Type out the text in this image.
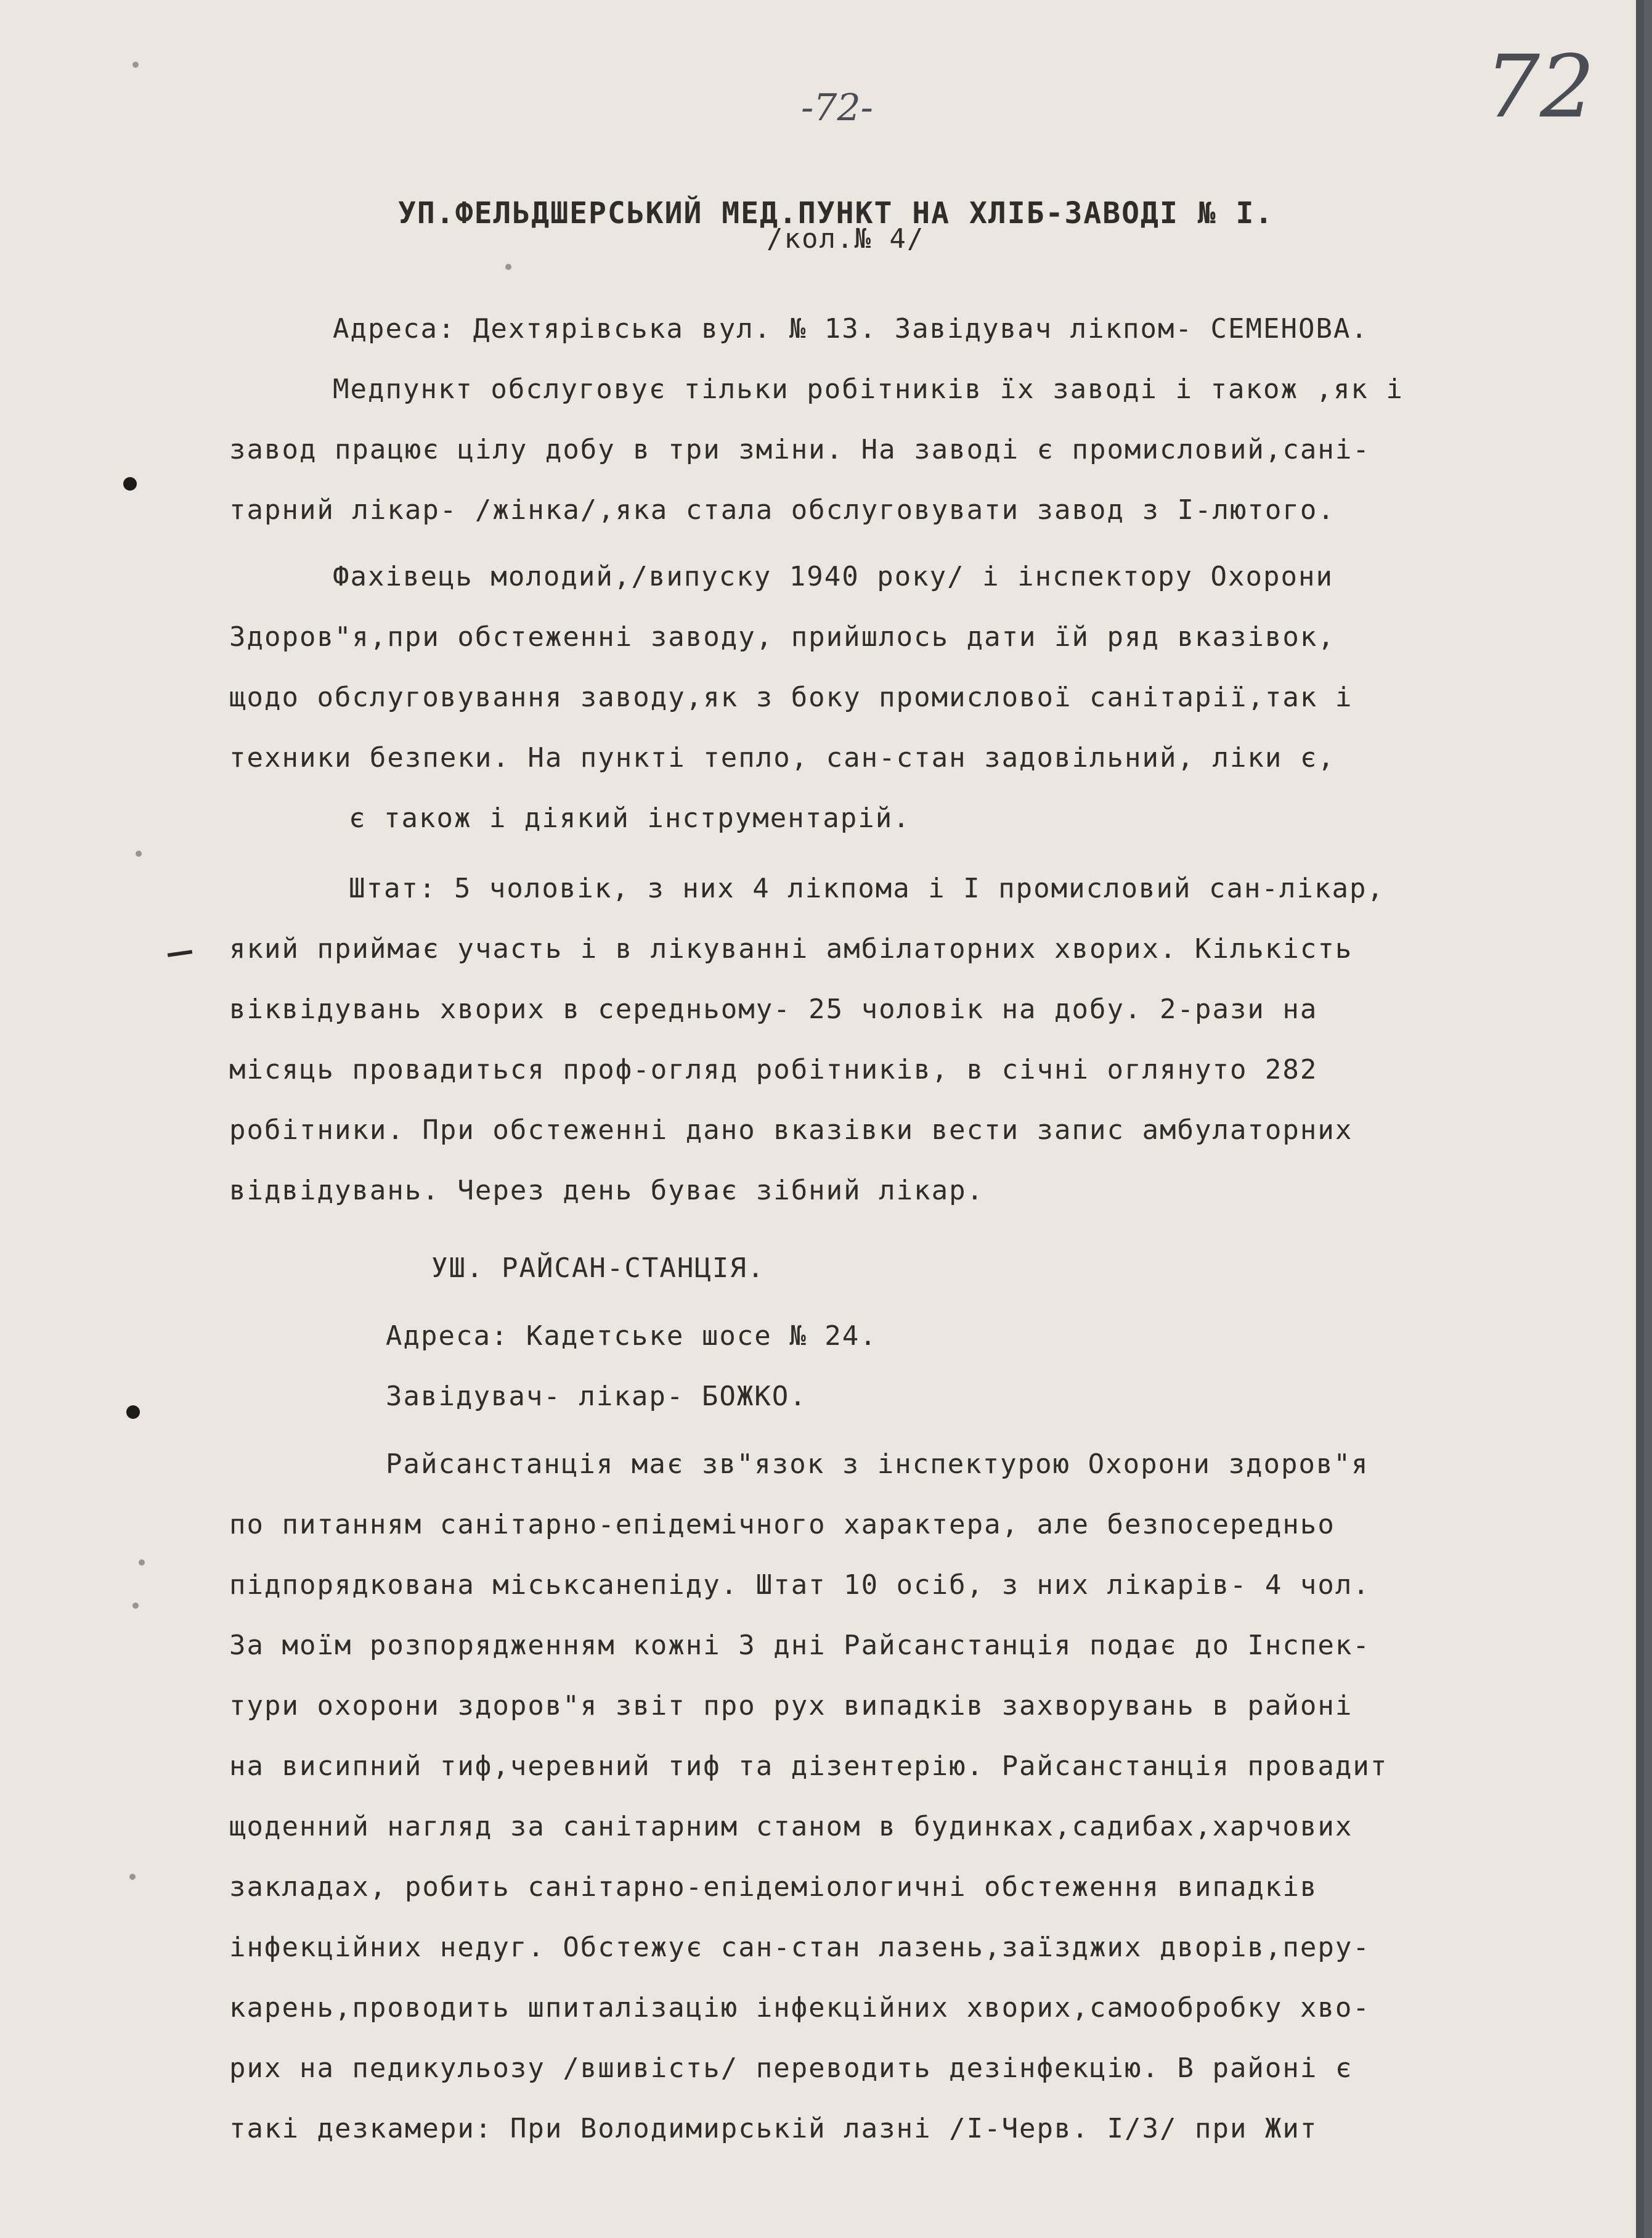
-72-	72
УП.ФЕЛЬДШЕРСЬКИЙ МЕД.ПУНКТ НА ХЛІБ-ЗАВОДІ № І.
/кол.№ 4/
Адреса: Дехтярівська вул. № 13. Завідувач лікпом- СЕМЕНОВА.
Медпункт обслуговує тільки робітників їх заводі і також ,як і
завод працює цілу добу в три зміни. На заводі є промисловий,сані-
тарний лікар- /жінка/,яка стала обслуговувати завод з І-лютого.
Фахівець молодий,/випуску 1940 року/ і інспектору Охорони
Здоров"я,при обстеженні заводу, прийшлось дати їй ряд вказівок,
щодо обслуговування заводу,як з боку промислової санітарії,так і
техники безпеки. На пункті тепло, сан-стан задовільний, ліки є,
є також і діякий інструментарій.
Штат: 5 чоловік, з них 4 лікпома і І промисловий сан-лікар,
який приймає участь і в лікуванні амбілаторних хворих. Кількість
віквідувань хворих в середньому- 25 чоловік на добу. 2-рази на
місяць провадиться проф-огляд робітників, в січні оглянуто 282
робітники. При обстеженні дано вказівки вести запис амбулаторних
відвідувань. Через день буває зібний лікар.
УШ. РАЙСАН-СТАНЦІЯ.
Адреса: Кадетське шосе № 24.
Завідувач- лікар- БОЖКО.
Райсанстанція має зв"язок з інспектурою Охорони здоров"я
по питанням санітарно-епідемічного характера, але безпосередньо
підпорядкована міськсанепіду. Штат 10 осіб, з них лікарів- 4 чол.
За моїм розпорядженням кожні 3 дні Райсанстанція подає до Інспек-
тури охорони здоров"я звіт про рух випадків захворувань в районі
на висипний тиф,черевний тиф та дізентерію. Райсанстанція провадит
щоденний нагляд за санітарним станом в будинках,садибах,харчових
закладах, робить санітарно-епідеміологичні обстеження випадків
інфекційних недуг. Обстежує сан-стан лазень,заїзджих дворів,перу-
карень,проводить шпиталізацію інфекційних хворих,самообробку хво-
рих на педикульозу /вшивість/ переводить дезінфекцію. В районі є
такі дезкамери: При Володимирській лазні /І-Черв. І/3/ при Жит
